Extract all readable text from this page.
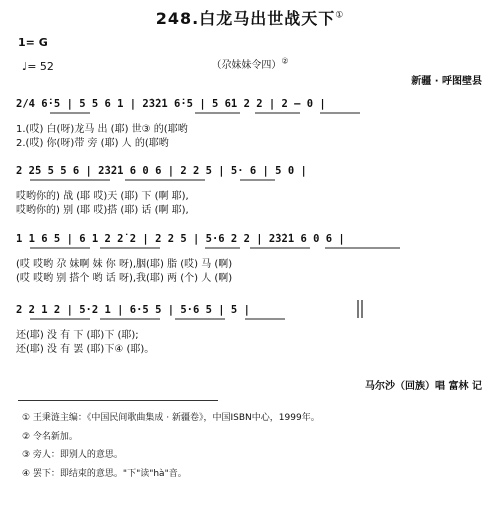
248.白龙马出世战天下①
1= G
（尕妹妹令四）②
♩= 52
新疆 · 呼图壁县
2/4 6̇·5 | 5 5 6 1 | 2̇3̇2̇1 6̇·5 | 5 6̇1 2 2 | 2 — 0 |
1.(哎) 白(呀)龙马 出 (耶) 世③ 的(耶哟
2.(哎) 你(呀)带 旁 (耶) 人 的(耶哟
2 2̇5 5 5 6 | 2̇3̇2̇1 6 0 6 | 2 2 5 | 5· 6 | 5 0 |
哎哟你的) 战 (耶 哎)天 (耶) 下 (啊 耶),
哎哟你的) 别 (耶 哎)搭 (耶) 话 (啊 耶),
1 1 6 5 | 6 1 2 2̇ 2 | 2 2 5 | 5·6 2 2 | 2̇3̇2̇1 6 0 6 |
(哎 哎哟 尕 妹啊 妹 你 呀),胭(耶) 脂 (哎) 马 (啊)
(哎 哎哟 别 搭个 哟 话 呀),我(耶) 两 (个) 人 (啊)
2 2 1 2 | 5·2 1 | 6·5 5 | 5·6 5 | 5 |
还(耶) 没 有 下 (耶)下 (耶);
还(耶) 没 有 罢 (耶)下④ (耶)。
马尔沙（回族）唱 富林 记
① 王秉涟主编：《中国民间歌曲集成 · 新疆卷》，中国ISBN中心，1999年。
② 令名新加。
③ 旁人：即别人的意思。
④ 罢下：即结束的意思。"下"读"hà"音。
